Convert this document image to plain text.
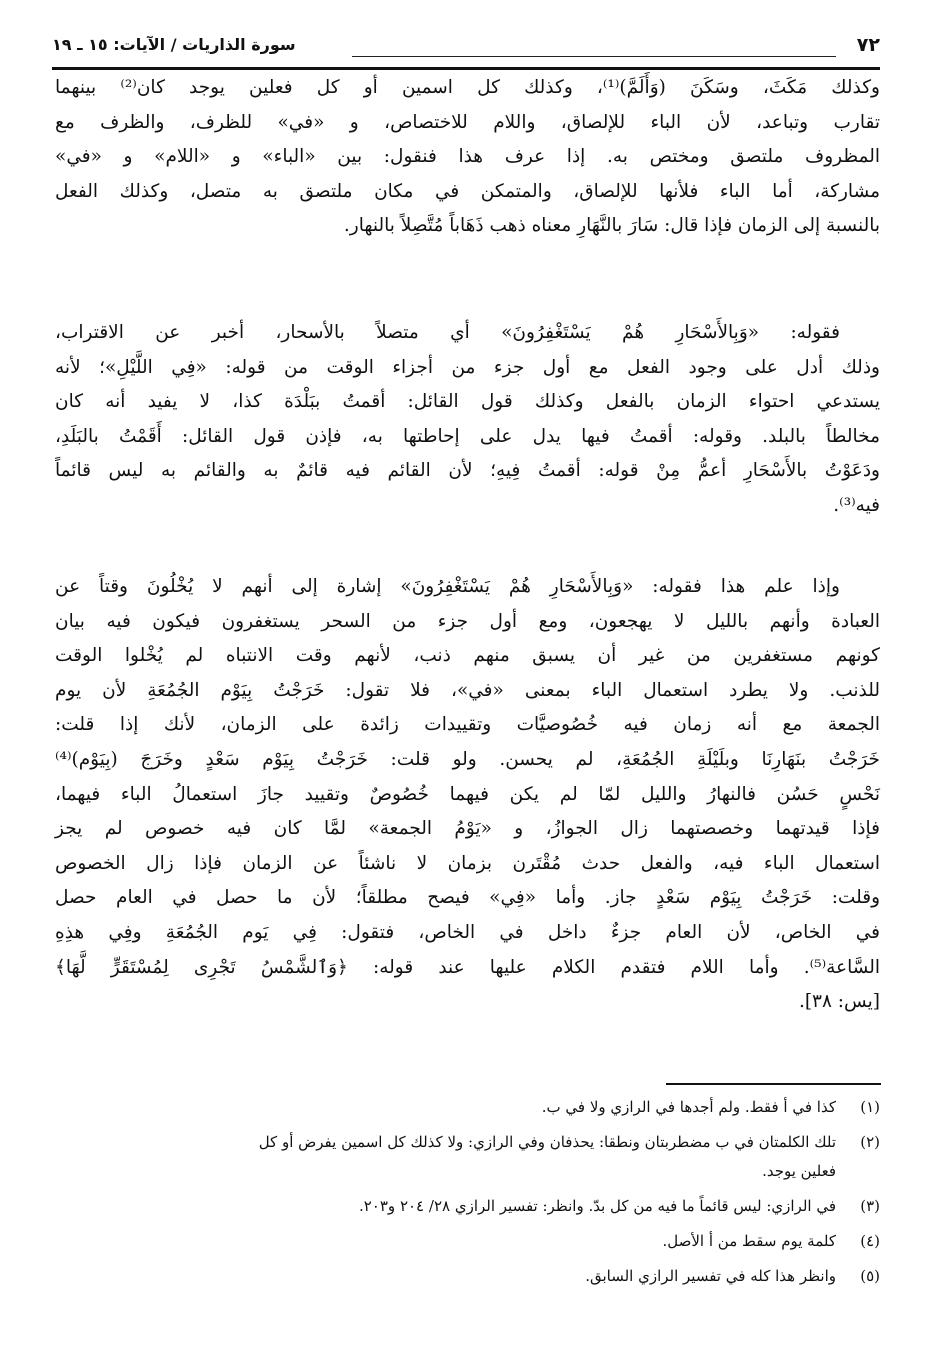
٧٢
سورة الذاريات / الآيات: ١٥ ـ ١٩
وكذلك مَكَثَ، وسَكَنَ (وَأَلَمَّ)⁽¹⁾، وكذلك كل اسمين أو كل فعلين يوجد كان⁽²⁾ بينهما
تقارب وتباعد، لأن الباء للإلصاق، واللام للاختصاص، و «في» للظرف، والظرف مع
المظروف ملتصق ومختص به. إذا عرف هذا فنقول: بين «الباء» و «اللام» و «في»
مشاركة، أما الباء فلأنها للإلصاق، والمتمكن في مكان ملتصق به متصل، وكذلك الفعل
بالنسبة إلى الزمان فإذا قال: سَارَ بالنَّهَارِ معناه ذهب ذَهَاباً مُتَّصِلاً بالنهار.
فقوله: «وَبِالأَسْحَارِ هُمْ يَسْتَغْفِرُونَ» أي متصلاً بالأسحار، أخبر عن الاقتراب،
وذلك أدل على وجود الفعل مع أول جزء من أجزاء الوقت من قوله: «فِي اللَّيْلِ»؛ لأنه
يستدعي احتواء الزمان بالفعل وكذلك قول القائل: أقمتُ ببَلْدَة كذا، لا يفيد أنه كان
مخالطاً بالبلد. وقوله: أقمتُ فيها يدل على إحاطتها به، فإذن قول القائل: أَقَمْتُ بالبَلَدِ،
ودَعَوْتُ بالأَسْحَارِ أعمُّ مِنْ قوله: أقمتُ فِيهِ؛ لأن القائم فيه قائمٌ به والقائم به ليس قائماً
فيه⁽³⁾.
وإذا علم هذا فقوله: «وَبِالأَسْحَارِ هُمْ يَسْتَغْفِرُونَ» إشارة إلى أنهم لا يُخْلُونَ وقتاً عن
العبادة وأنهم بالليل لا يهجعون، ومع أول جزء من السحر يستغفرون فيكون فيه بيان
كونهم مستغفرين من غير أن يسبق منهم ذنب، لأنهم وقت الانتباه لم يُخْلوا الوقت
للذنب. ولا يطرد استعمال الباء بمعنى «في»، فلا تقول: خَرَجْتُ بِيَوْم الجُمُعَةِ لأن يوم
الجمعة مع أنه زمان فيه خُصُوصيَّات وتقييدات زائدة على الزمان، لأنك إذا قلت:
خَرَجْتُ بنَهَارِنَا وبلَيْلَةِ الجُمُعَةِ، لم يحسن. ولو قلت: خَرَجْتُ بِيَوْم سَعْدٍ وخَرَجَ (بِيَوْم)⁽⁴⁾
نَحْسٍ حَسُن فالنهارُ والليل لمّا لم يكن فيهما خُصُوصٌ وتقييد جازَ استعمالُ الباء فيهما،
فإذا قيدتهما وخصصتهما زال الجوازُ، و «يَوْمُ الجمعة» لمَّا كان فيه خصوص لم يجز
استعمال الباء فيه، والفعل حدث مُقْتَرن بزمان لا ناشئاً عن الزمان فإذا زال الخصوص
وقلت: خَرَجْتُ بِيَوْم سَعْدٍ جاز. وأما «فِي» فيصح مطلقاً؛ لأن ما حصل في العام حصل
في الخاص، لأن العام جزءٌ داخل في الخاص، فتقول: فِي يَوم الجُمُعَةِ وفِي هذِهِ
السَّاعة⁽⁵⁾. وأما اللام فتقدم الكلام عليها عند قوله: ﴿وَٱلشَّمْسُ تَجْرِى لِمُسْتَقَرٍّ لَّهَا﴾
[يس: ٣٨].
(١)
كذا في أ فقط. ولم أجدها في الرازي ولا في ب.
(٢)
تلك الكلمتان في ب مضطربتان ونطقا: يحذفان وفي الرازي: ولا كذلك كل اسمين يفرض أو كل
فعلين يوجد.
(٣)
في الرازي: ليس قائماً ما فيه من كل بدّ. وانظر: تفسير الرازي ٢٨/ ٢٠٤ و٢٠٣.
(٤)
كلمة يوم سقط من أ الأصل.
(٥)
وانظر هذا كله في تفسير الرازي السابق.
